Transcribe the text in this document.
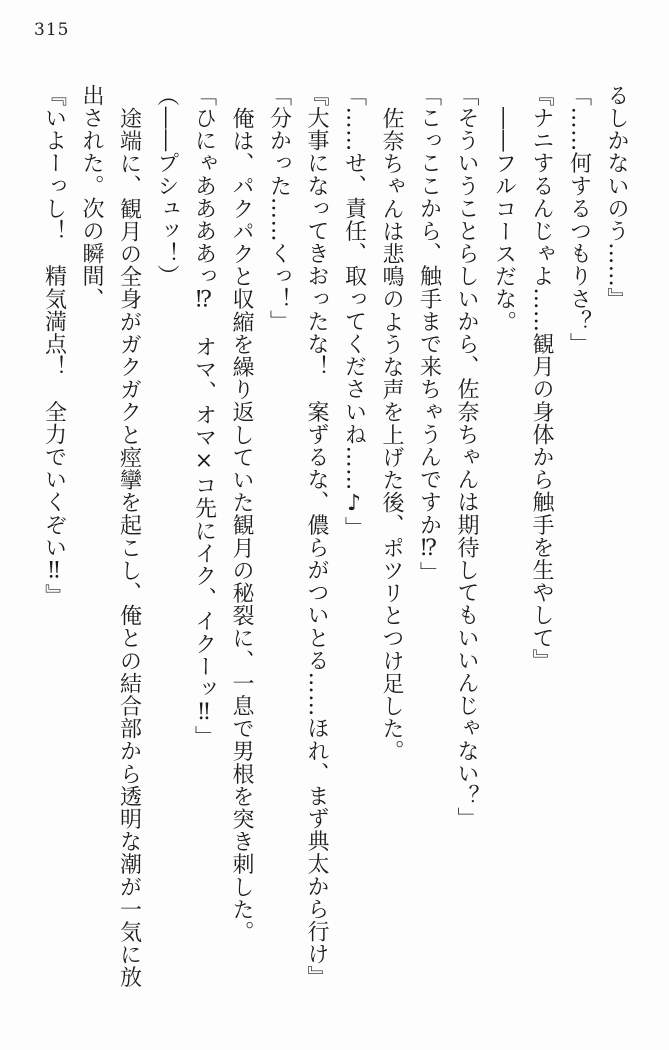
315

るしかないのう……』

「……何するつもりさ？」

『ナニするんじゃよ……観月の身体から触手を生やして』

――フルコースだな。

「そういうことらしいから、佐奈ちゃんは期待してもいいんじゃない？」

「こっここから、触手まで来ちゃうんですか⁉」

佐奈ちゃんは悲鳴のような声を上げた後、ポツリとつけ足した。

「……せ、責任、取ってくださいね……♪」

『大事になってきおったな！　案ずるな、儂らがついとる……ほれ、まず典太から行け』

「分かった……くっ！」

俺は、パクパクと収縮を繰り返していた観月の秘裂に、一息で男根を突き刺した。

「ひにゃああああっ⁉　オマ、オマ×コ先にイク、イクーッ‼」

（――プシュッ！）

途端に、観月の全身がガクガクと痙攣を起こし、俺との結合部から透明な潮が一気に放出された。次の瞬間、

『いよーっし！　精気満点！　全力でいくぞい‼』
